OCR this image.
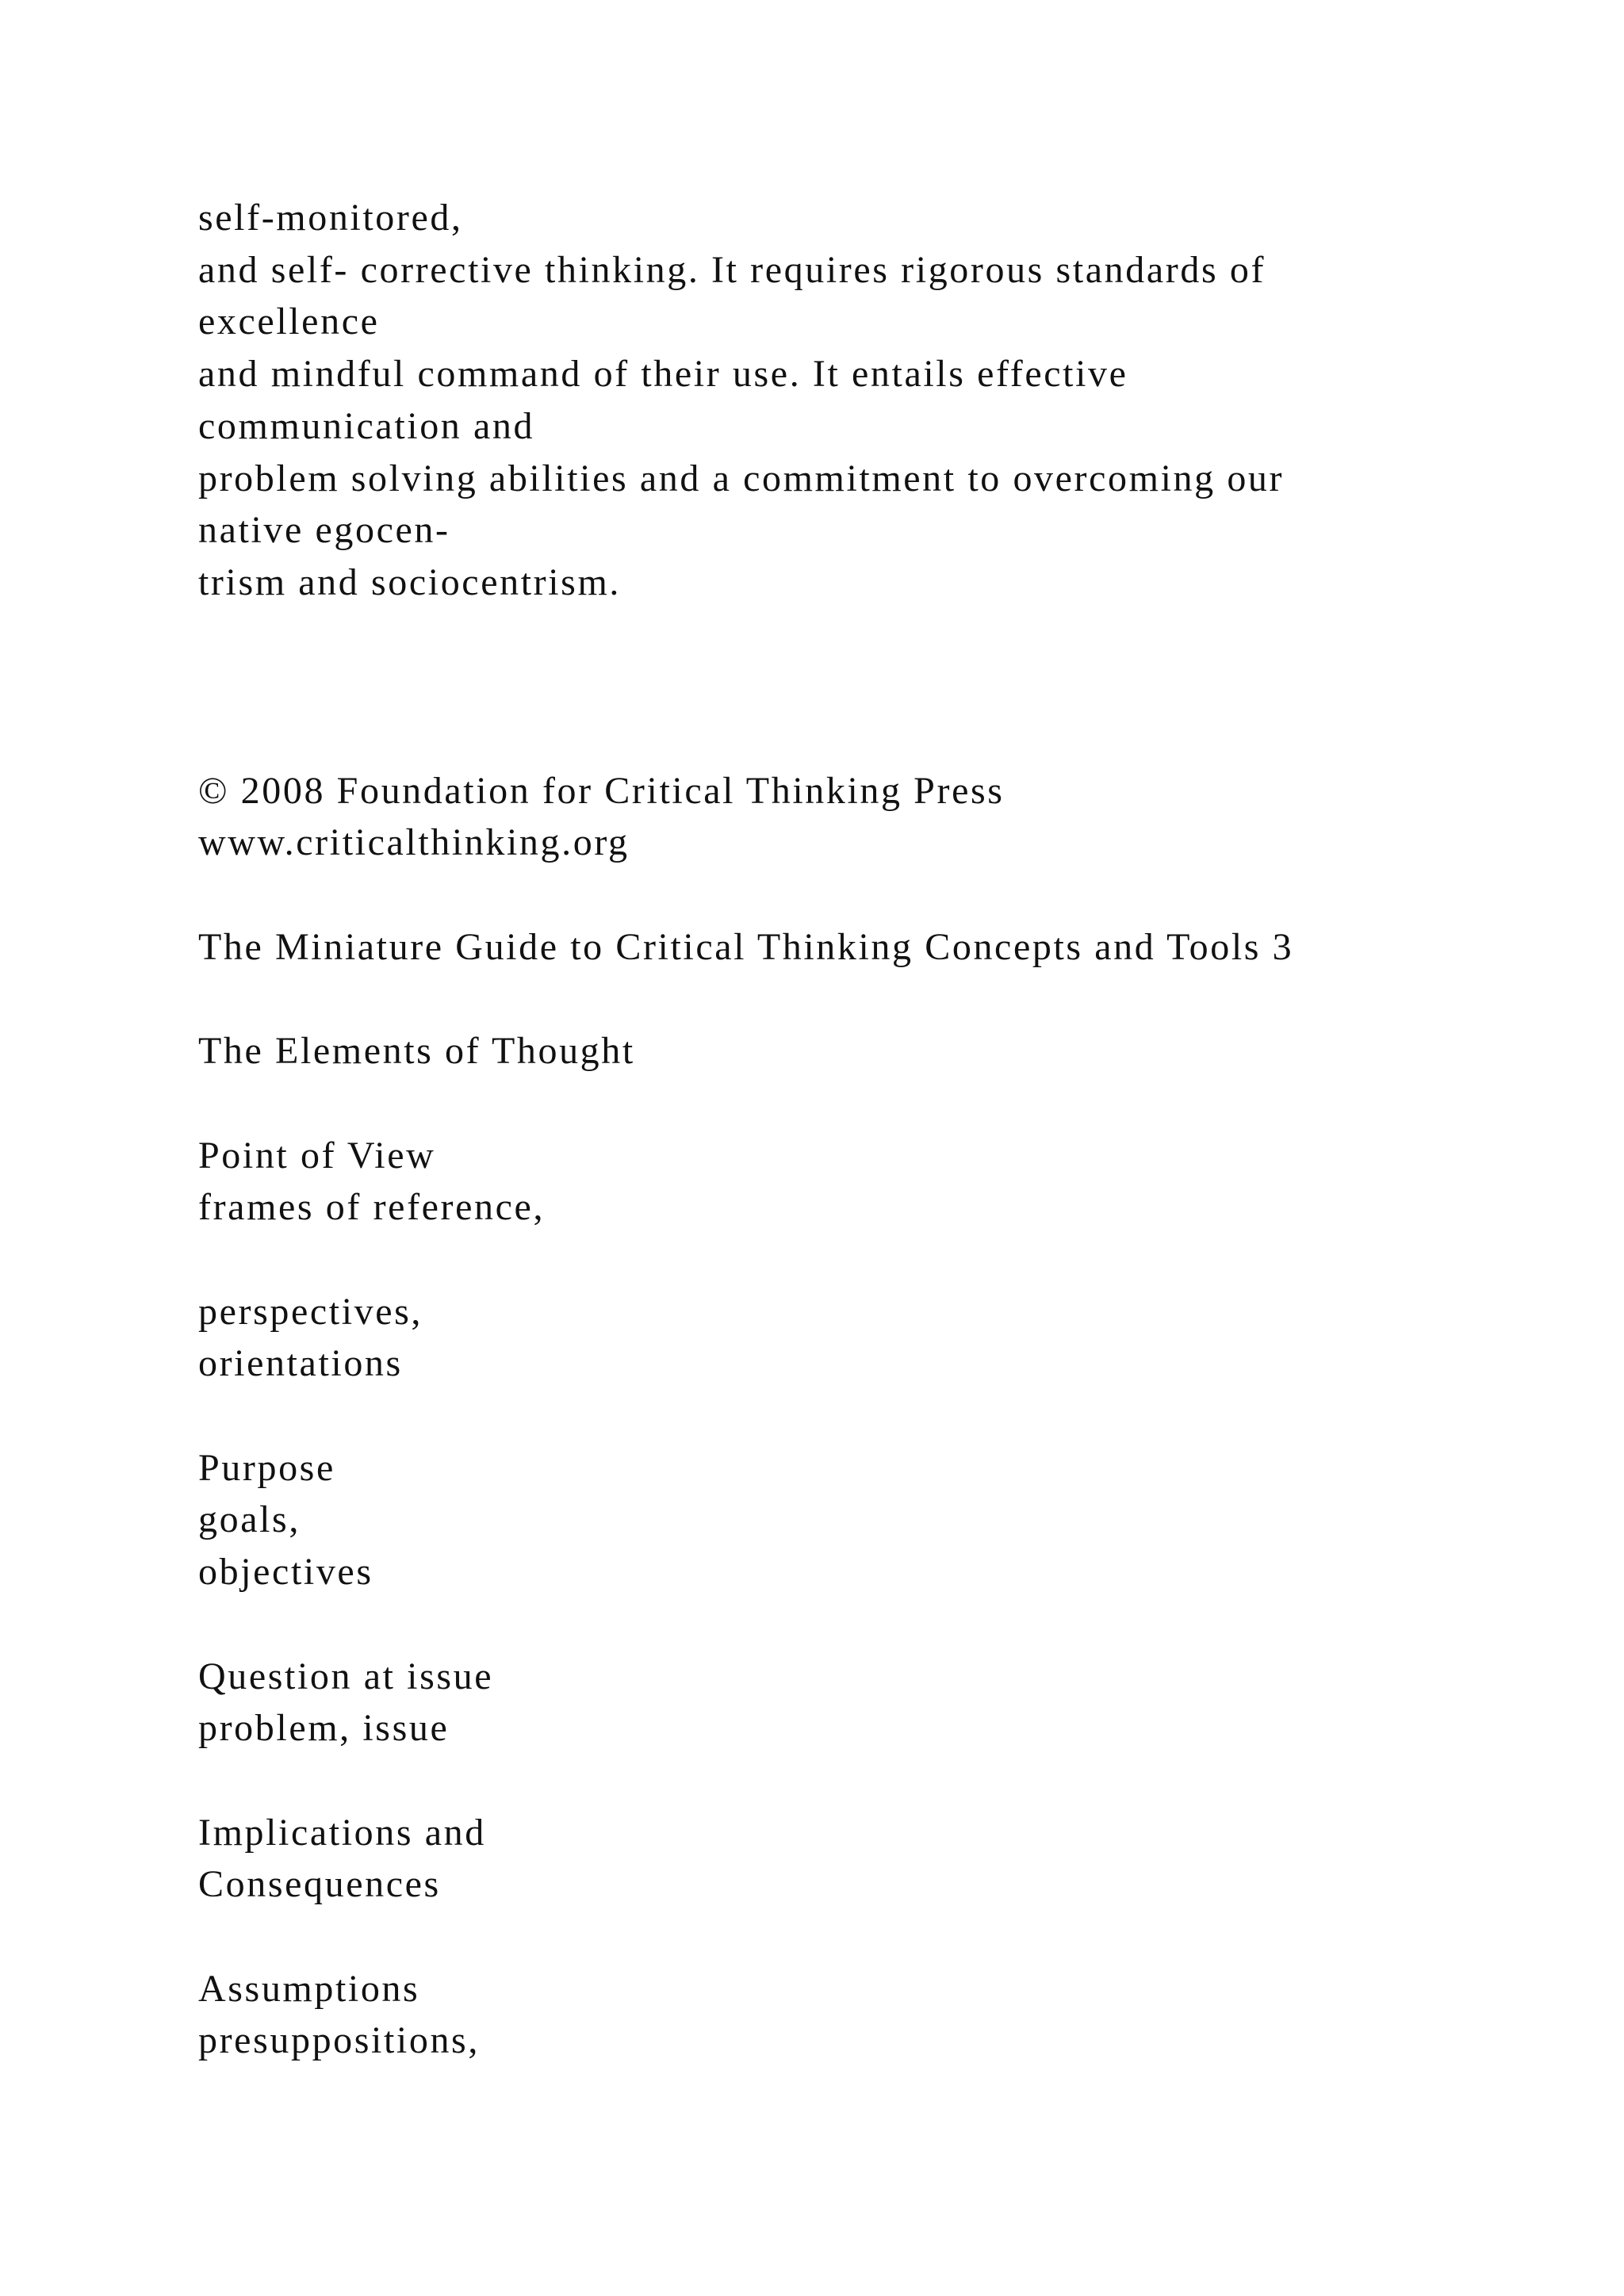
self-monitored,
and self- corrective thinking. It requires rigorous standards of
excellence
and mindful command of their use. It entails effective
communication and
problem solving abilities and a commitment to overcoming our
native egocen-
trism and sociocentrism.
© 2008 Foundation for Critical Thinking Press
www.criticalthinking.org
The Miniature Guide to Critical Thinking Concepts and Tools 3
The Elements of Thought
Point of View
frames of reference,
perspectives,
orientations
Purpose
goals,
objectives
Question at issue
problem, issue
Implications and
Consequences
Assumptions
presuppositions,
